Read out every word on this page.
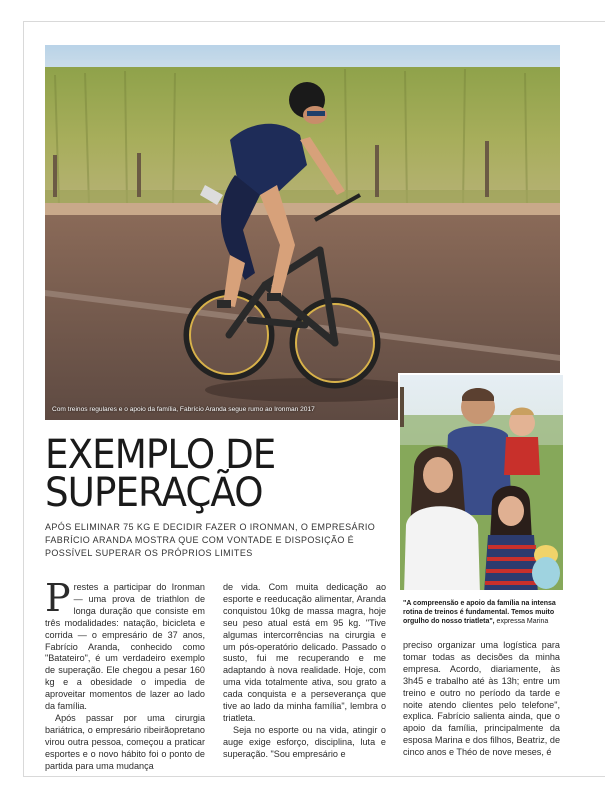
Com treinos regulares e o apoio da família, Fabrício Aranda segue rumo ao Ironman 2017
"A compreensão e apoio da família na intensa rotina de treinos é fundamental. Temos muito orgulho do nosso triatleta", expressa Marina
EXEMPLO DE
SUPERAÇÃO
APÓS ELIMINAR 75 KG E DECIDIR FAZER O IRONMAN, O EMPRESÁRIO FABRÍCIO ARANDA MOSTRA QUE COM VONTADE E DISPOSIÇÃO É POSSÍVEL SUPERAR OS PRÓPRIOS LIMITES
P restes a participar do Ironman — uma prova de triathlon de longa duração que consiste em três modalidades: natação, bicicleta e corrida — o empresário de 37 anos, Fabrício Aranda, conhecido como "Batateiro", é um verdadeiro exemplo de superação. Ele chegou a pesar 160 kg e a obesidade o impedia de aproveitar momentos de lazer ao lado da família.

Após passar por uma cirurgia bariátrica, o empresário ribeirãopretano virou outra pessoa, começou a praticar esportes e o novo hábito foi o ponto de partida para uma mudança

de vida. Com muita dedicação ao esporte e reeducação alimentar, Aranda conquistou 10kg de massa magra, hoje seu peso atual está em 95 kg. "Tive algumas intercorrências na cirurgia e um pós-operatório delicado. Passado o susto, fui me recuperando e me adaptando à nova realidade. Hoje, com uma vida totalmente ativa, sou grato a cada conquista e a perseverança que tive ao lado da minha família", lembra o triatleta.

Seja no esporte ou na vida, atingir o auge exige esforço, disciplina, luta e superação. "Sou empresário e

preciso organizar uma logística para tomar todas as decisões da minha empresa. Acordo, diariamente, às 3h45 e trabalho até às 13h; entre um treino e outro no período da tarde e noite atendo clientes pelo telefone", explica. Fabrício salienta ainda, que o apoio da família, principalmente da esposa Marina e dos filhos, Beatriz, de cinco anos e Théo de nove meses, é
